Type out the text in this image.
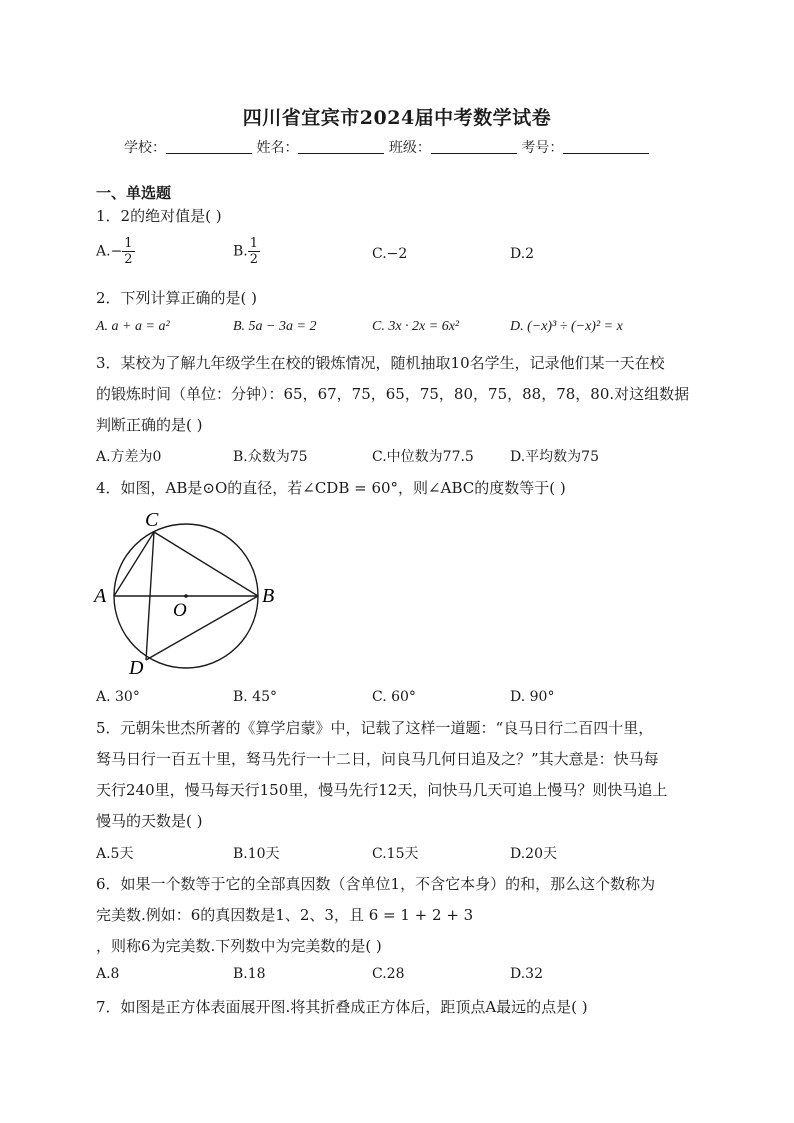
四川省宜宾市2024届中考数学试卷
学校：	姓名：	班级：	考号：
一、单选题
1．2的绝对值是( )
$A.- \frac{1}{2}$	B. $\frac{1}{2}$	C.−2	D.2
2．下列计算正确的是( )
A. a + a = a²	B. 5a − 3a = 2	C. 3x · 2x = 6x²	D. (−x)³ ÷ (−x)² = x
3．某校为了解九年级学生在校的锻炼情况，随机抽取10名学生，记录他们某一天在校
的锻炼时间（单位：分钟）：65，67，75，65，75，80，75，88，78，80.对这组数据
判断正确的是( )
A.方差为0	B.众数为75	C.中位数为77.5	D.平均数为75
4．如图，AB是⊙O的直径，若∠CDB = 60°，则∠ABC的度数等于( )
C
A	B
O
D
A. 30°	B. 45°	C. 60°	D. 90°
5．元朝朱世杰所著的《算学启蒙》中，记载了这样一道题：“良马日行二百四十里，
驽马日行一百五十里，驽马先行一十二日，问良马几何日追及之？”其大意是：快马每
天行240里，慢马每天行150里，慢马先行12天，问快马几天可追上慢马？则快马追上
慢马的天数是( )
A.5天	B.10天	C.15天	D.20天
6．如果一个数等于它的全部真因数（含单位1，不含它本身）的和，那么这个数称为
完美数.例如：6的真因数是1、2、3，且 6 = 1 + 2 + 3
，则称6为完美数.下列数中为完美数的是( )
A.8	B.18	C.28	D.32
7．如图是正方体表面展开图.将其折叠成正方体后，距顶点A最远的点是( )
